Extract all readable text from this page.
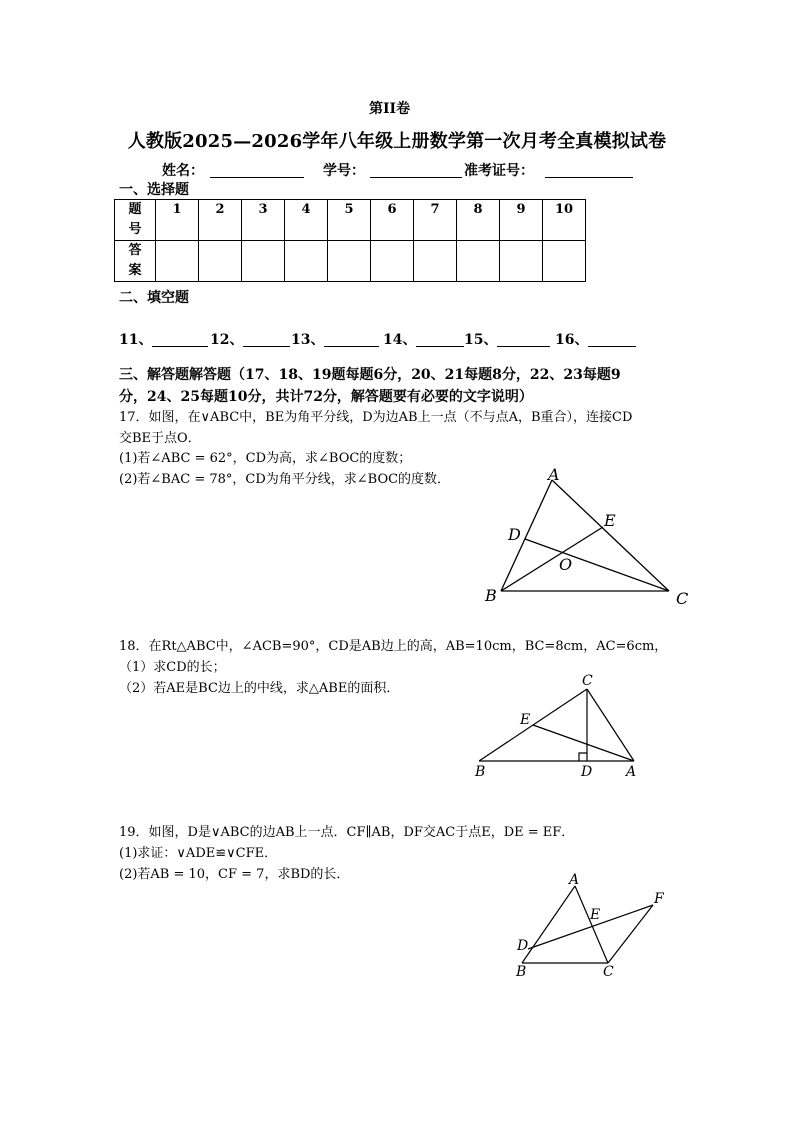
第II卷
人教版2025—2026学年八年级上册数学第一次月考全真模拟试卷
姓名：	学号：	准考证号：
一、选择题
题
号	1	2	3	4	5	6	7	8	9	10
答
案										
二、填空题
11、	12、	13、	14、	15、	16、
三、解答题解答题（17、18、19题每题6分，20、21每题8分，22、23每题9
分，24、25每题10分，共计72分，解答题要有必要的文字说明）
17．如图，在∨ABC中，BE为角平分线，D为边AB上一点（不与点A，B重合），连接CD
交BE于点O．
(1)若∠ABC = 62°，CD为高，求∠BOC的度数；
(2)若∠BAC = 78°，CD为角平分线，求∠BOC的度数．	A
B	C
D
E
O
18．在Rt△ABC中，∠ACB=90°，CD是AB边上的高，AB=10cm，BC=8cm，AC=6cm，
（1）求CD的长；
（2）若AE是BC边上的中线，求△ABE的面积．	C
E
B	D A
19．如图，D是∨ABC的边AB上一点．CF∥AB，DF交AC于点E，DE = EF．
(1)求证：∨ADE≌∨CFE．
(2)若AB = 10，CF = 7，求BD的长．	A
E
F
D
B	C
